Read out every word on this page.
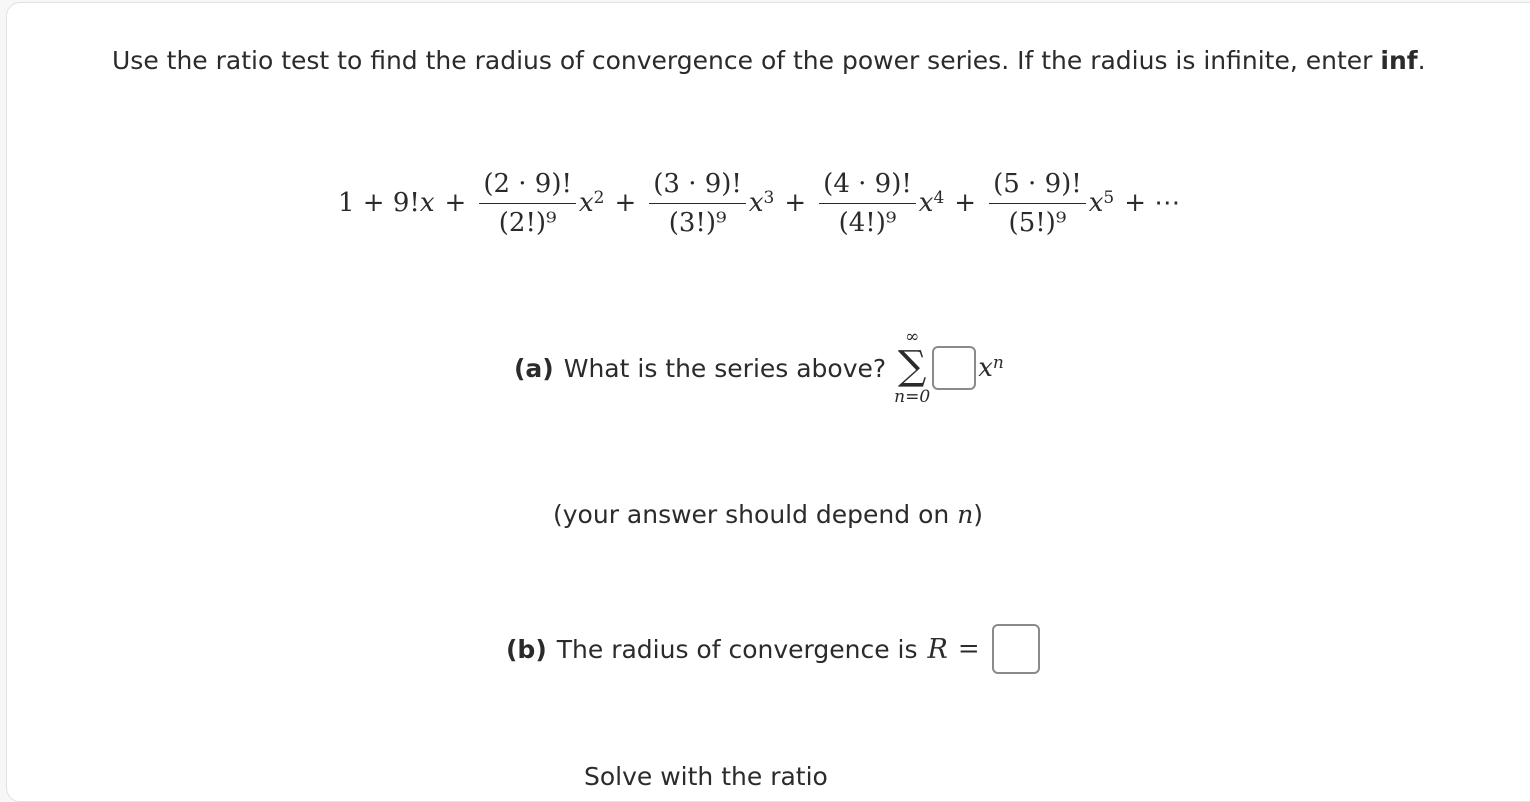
Use the ratio test to find the radius of convergence of the power series. If the radius is infinite, enter inf.
1 + 9! $x + \frac{(2 \cdot 9)!}{\text{(2!)⁹}}$ x $2 + \frac{(3 \cdot 9)!}{\text{(3!)⁹}}$ x $3 + \frac{(4 \cdot 9)!}{\text{(4!)⁹}}$ x $4 + \frac{(5 \cdot 9)!}{\text{(5!)⁹}}$ x 5 + ⋯
(a) What is the series above?
∞
∑
n=0
x n
(your answer should depend on n)
(b) The radius of convergence is R =
Solve with the ratio
